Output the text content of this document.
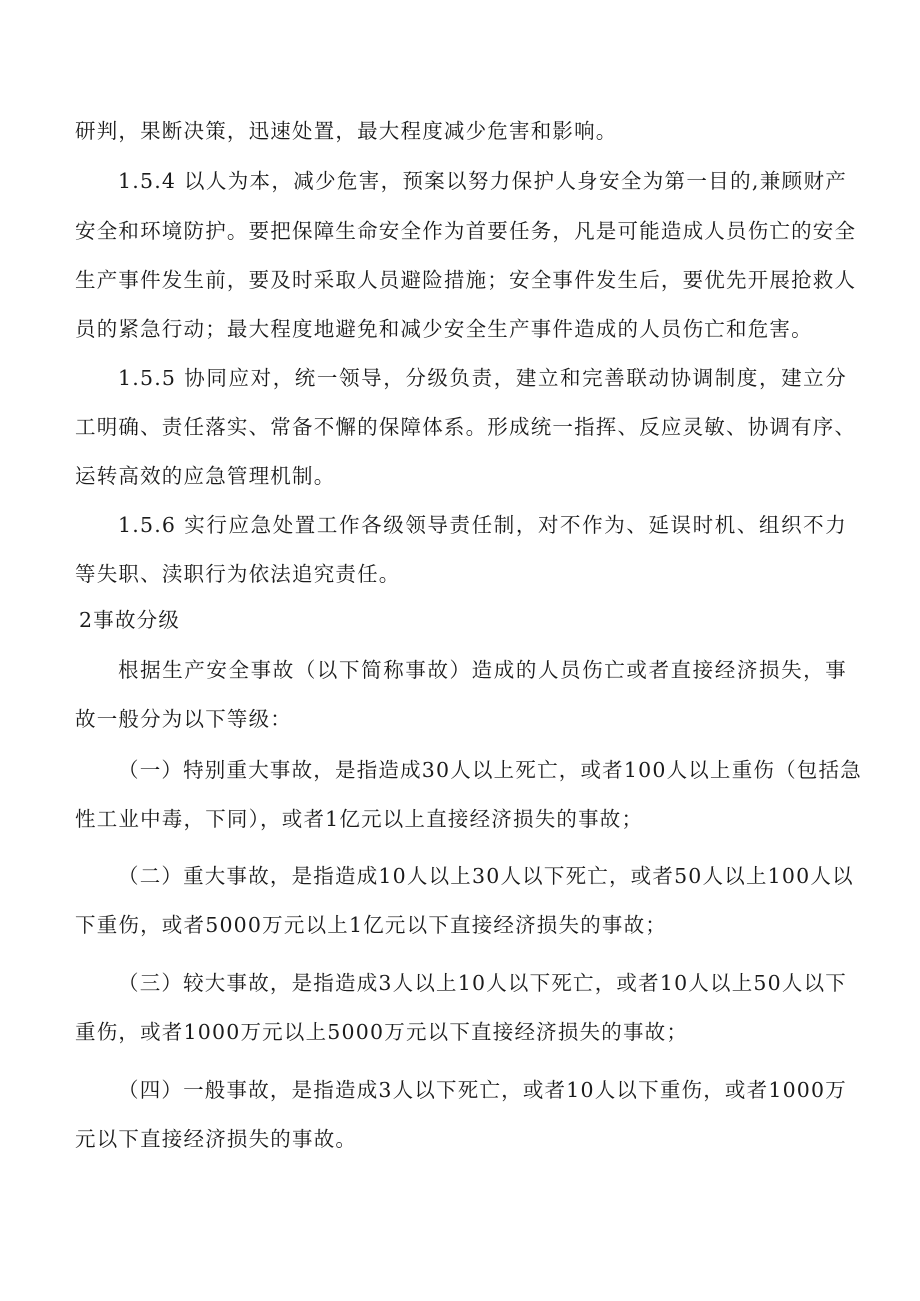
研判，果断决策，迅速处置，最大程度减少危害和影响。
1.5.4 以人为本，减少危害，预案以努力保护人身安全为第一目的,兼顾财产
安全和环境防护。要把保障生命安全作为首要任务，凡是可能造成人员伤亡的安全
生产事件发生前，要及时采取人员避险措施；安全事件发生后，要优先开展抢救人
员的紧急行动；最大程度地避免和减少安全生产事件造成的人员伤亡和危害。
1.5.5 协同应对，统一领导，分级负责，建立和完善联动协调制度，建立分
工明确、责任落实、常备不懈的保障体系。形成统一指挥、反应灵敏、协调有序、
运转高效的应急管理机制。
1.5.6 实行应急处置工作各级领导责任制，对不作为、延误时机、组织不力
等失职、渎职行为依法追究责任。
2事故分级
根据生产安全事故（以下简称事故）造成的人员伤亡或者直接经济损失，事
故一般分为以下等级：
（一）特别重大事故，是指造成30人以上死亡，或者100人以上重伤（包括急
性工业中毒，下同），或者1亿元以上直接经济损失的事故；
（二）重大事故，是指造成10人以上30人以下死亡，或者50人以上100人以
下重伤，或者5000万元以上1亿元以下直接经济损失的事故；
（三）较大事故，是指造成3人以上10人以下死亡，或者10人以上50人以下
重伤，或者1000万元以上5000万元以下直接经济损失的事故；
（四）一般事故，是指造成3人以下死亡，或者10人以下重伤，或者1000万
元以下直接经济损失的事故。
